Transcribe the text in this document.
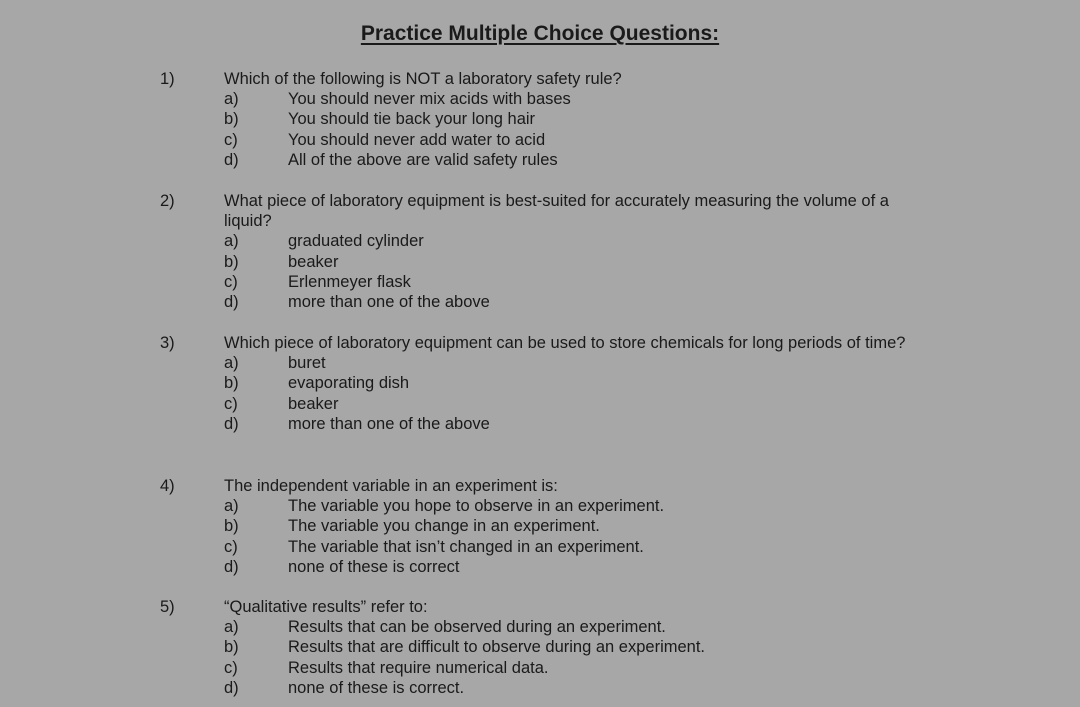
Practice Multiple Choice Questions:
1)	Which of the following is NOT a laboratory safety rule?
a)	You should never mix acids with bases
b)	You should tie back your long hair
c)	You should never add water to acid
d)	All of the above are valid safety rules
2)	What piece of laboratory equipment is best-suited for accurately measuring the volume of a liquid?
a)	graduated cylinder
b)	beaker
c)	Erlenmeyer flask
d)	more than one of the above
3)	Which piece of laboratory equipment can be used to store chemicals for long periods of time?
a)	buret
b)	evaporating dish
c)	beaker
d)	more than one of the above
4)	The independent variable in an experiment is:
a)	The variable you hope to observe in an experiment.
b)	The variable you change in an experiment.
c)	The variable that isn’t changed in an experiment.
d)	none of these is correct
5)	“Qualitative results” refer to:
a)	Results that can be observed during an experiment.
b)	Results that are difficult to observe during an experiment.
c)	Results that require numerical data.
d)	none of these is correct.
